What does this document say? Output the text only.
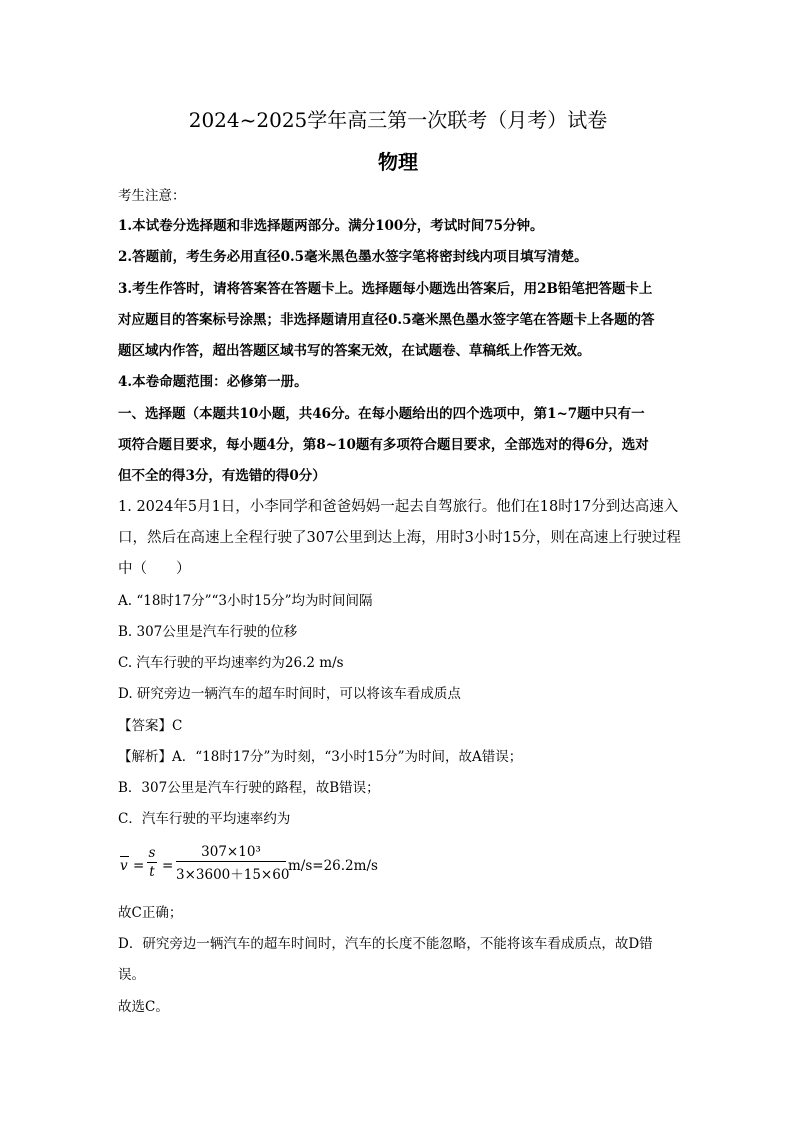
2024~2025学年高三第一次联考（月考）试卷
物理
考生注意：
1.本试卷分选择题和非选择题两部分。满分100分，考试时间75分钟。
2.答题前，考生务必用直径0.5毫米黑色墨水签字笔将密封线内项目填写清楚。
3.考生作答时，请将答案答在答题卡上。选择题每小题选出答案后，用2B铅笔把答题卡上
对应题目的答案标号涂黑；非选择题请用直径0.5毫米黑色墨水签字笔在答题卡上各题的答
题区域内作答，超出答题区域书写的答案无效，在试题卷、草稿纸上作答无效。
4.本卷命题范围：必修第一册。
一、选择题（本题共10小题，共46分。在每小题给出的四个选项中，第1~7题中只有一
项符合题目要求，每小题4分，第8~10题有多项符合题目要求，全部选对的得6分，选对
但不全的得3分，有选错的得0分）
1. 2024年5月1日，小李同学和爸爸妈妈一起去自驾旅行。他们在18时17分到达高速入
口，然后在高速上全程行驶了307公里到达上海，用时3小时15分，则在高速上行驶过程
中（　　）
A. “18时17分”“3小时15分”均为时间间隔
B. 307公里是汽车行驶的位移
C. 汽车行驶的平均速率约为26.2 m/s
D. 研究旁边一辆汽车的超车时间时，可以将该车看成质点
【答案】C
【解析】A．“18时17分”为时刻，“3小时15分”为时间，故A错误；
B．307公里是汽车行驶的路程，故B错误；
C．汽车行驶的平均速率约为
v =
s
t =
307×10³
3×3600＋15×60
m/s=26.2m/s
故C正确；
D．研究旁边一辆汽车的超车时间时，汽车的长度不能忽略，不能将该车看成质点，故D错
误。
故选C。
